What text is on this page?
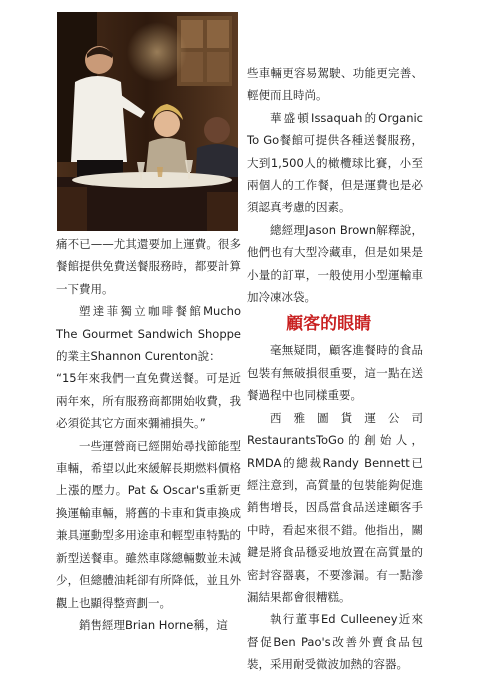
痛不已——尤其還要加上運費。很多餐館提供免費送餐服務時，都要計算一下費用。

塑達菲獨立咖啡餐館Mucho The Gourmet Sandwich Shoppe的業主Shannon Curenton說：

“15年來我們一直免費送餐。可是近兩年來，所有服務商都開始收費，我必須從其它方面來彌補損失。”

一些運營商已經開始尋找節能型車輛，希望以此來緩解長期燃料價格上漲的壓力。Pat & Oscar's重新更換運輸車輛，將舊的卡車和貨車換成兼具運動型多用途車和輕型車特點的新型送餐車。雖然車隊總輛數並未減少，但總體油耗卻有所降低，並且外觀上也顯得整齊劃一。

銷售經理Brian Horne稱，這

些車輛更容易駕駛、功能更完善、輕便而且時尚。

華盛頓Issaquah的Organic To Go餐館可提供各種送餐服務，大到1,500人的橄欖球比賽，小至兩個人的工作餐，但是運費也是必須認真考慮的因素。

總經理Jason Brown解釋說，他們也有大型冷藏車，但是如果是小量的訂單，一般使用小型運輸車加冷凍冰袋。

顧客的眼睛

毫無疑問，顧客進餐時的食品包裝有無破損很重要，這一點在送餐過程中也同樣重要。

西雅圖貨運公司RestaurantsToGo的創始人，RMDA的總裁Randy Bennett已經注意到，高質量的包裝能夠促進銷售增長，因爲當食品送達顧客手中時，看起來很不錯。他指出，關鍵是將食品穩妥地放置在高質量的密封容器裏，不要滲漏。有一點滲漏結果都會很糟糕。

執行董事Ed Culleeney近來督促Ben Pao's改善外賣食品包裝，采用耐受微波加熱的容器。
